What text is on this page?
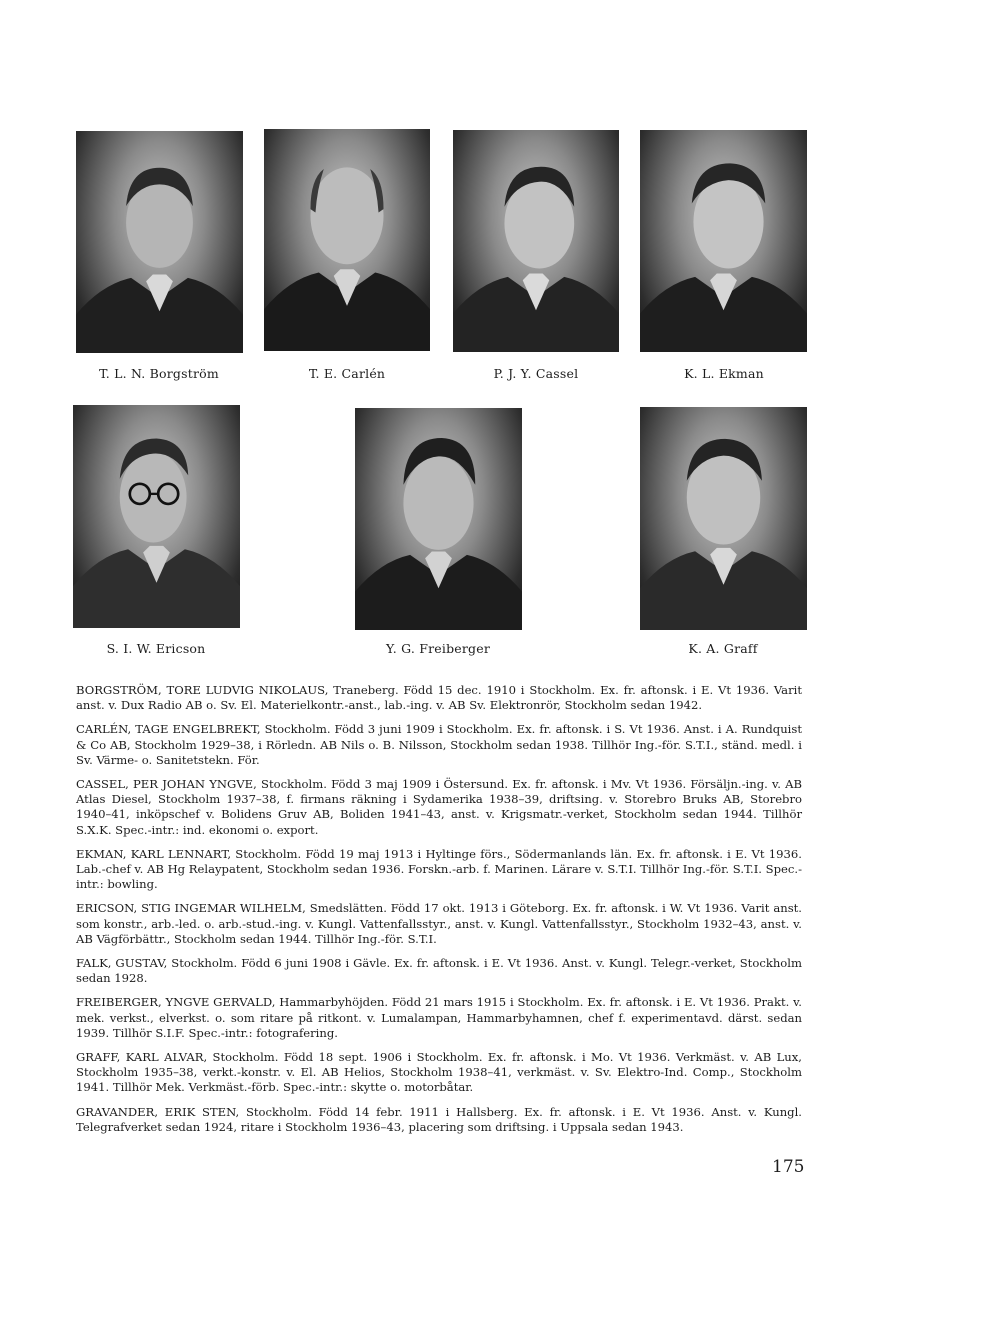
T. L. N. Borgström	T. E. Carlén	P. J. Y. Cassel	K. L. Ekman
S. I. W. Ericson	Y. G. Freiberger	K. A. Graff

BORGSTRÖM, TORE LUDVIG NIKOLAUS, Traneberg. Född 15 dec. 1910 i Stockholm. Ex. fr. aftonsk. i E. Vt 1936. Varit anst. v. Dux Radio AB o. Sv. El. Materielkontr.-anst., lab.-ing. v. AB Sv. Elektronrör, Stockholm sedan 1942.

CARLÉN, TAGE ENGELBREKT, Stockholm. Född 3 juni 1909 i Stockholm. Ex. fr. aftonsk. i S. Vt 1936. Anst. i A. Rundquist & Co AB, Stockholm 1929–38, i Rörledn. AB Nils o. B. Nilsson, Stockholm sedan 1938. Tillhör Ing.-för. S.T.I., ständ. medl. i Sv. Värme- o. Sanitetstekn. För.

CASSEL, PER JOHAN YNGVE, Stockholm. Född 3 maj 1909 i Östersund. Ex. fr. aftonsk. i Mv. Vt 1936. Försäljn.-ing. v. AB Atlas Diesel, Stockholm 1937–38, f. firmans räkning i Sydamerika 1938–39, driftsing. v. Storebro Bruks AB, Storebro 1940–41, inköpschef v. Bolidens Gruv AB, Boliden 1941–43, anst. v. Krigsmatr.-verket, Stockholm sedan 1944. Tillhör S.X.K. Spec.-intr.: ind. ekonomi o. export.

EKMAN, KARL LENNART, Stockholm. Född 19 maj 1913 i Hyltinge förs., Södermanlands län. Ex. fr. aftonsk. i E. Vt 1936. Lab.-chef v. AB Hg Relaypatent, Stockholm sedan 1936. Forskn.-arb. f. Marinen. Lärare v. S.T.I. Tillhör Ing.-för. S.T.I. Spec.-intr.: bowling.

ERICSON, STIG INGEMAR WILHELM, Smedslätten. Född 17 okt. 1913 i Göteborg. Ex. fr. aftonsk. i W. Vt 1936. Varit anst. som konstr., arb.-led. o. arb.-stud.-ing. v. Kungl. Vattenfallsstyr., anst. v. Kungl. Vattenfallsstyr., Stockholm 1932–43, anst. v. AB Vägförbättr., Stockholm sedan 1944. Tillhör Ing.-för. S.T.I.

FALK, GUSTAV, Stockholm. Född 6 juni 1908 i Gävle. Ex. fr. aftonsk. i E. Vt 1936. Anst. v. Kungl. Telegr.-verket, Stockholm sedan 1928.

FREIBERGER, YNGVE GERVALD, Hammarbyhöjden. Född 21 mars 1915 i Stockholm. Ex. fr. aftonsk. i E. Vt 1936. Prakt. v. mek. verkst., elverkst. o. som ritare på ritkont. v. Lumalampan, Hammarbyhamnen, chef f. experimentavd. därst. sedan 1939. Tillhör S.I.F. Spec.-intr.: fotografering.

GRAFF, KARL ALVAR, Stockholm. Född 18 sept. 1906 i Stockholm. Ex. fr. aftonsk. i Mo. Vt 1936. Verkmäst. v. AB Lux, Stockholm 1935–38, verkt.-konstr. v. El. AB Helios, Stockholm 1938–41, verkmäst. v. Sv. Elektro-Ind. Comp., Stockholm 1941. Tillhör Mek. Verkmäst.-förb. Spec.-intr.: skytte o. motorbåtar.

GRAVANDER, ERIK STEN, Stockholm. Född 14 febr. 1911 i Hallsberg. Ex. fr. aftonsk. i E. Vt 1936. Anst. v. Kungl. Telegrafverket sedan 1924, ritare i Stockholm 1936–43, placering som driftsing. i Uppsala sedan 1943.

175
